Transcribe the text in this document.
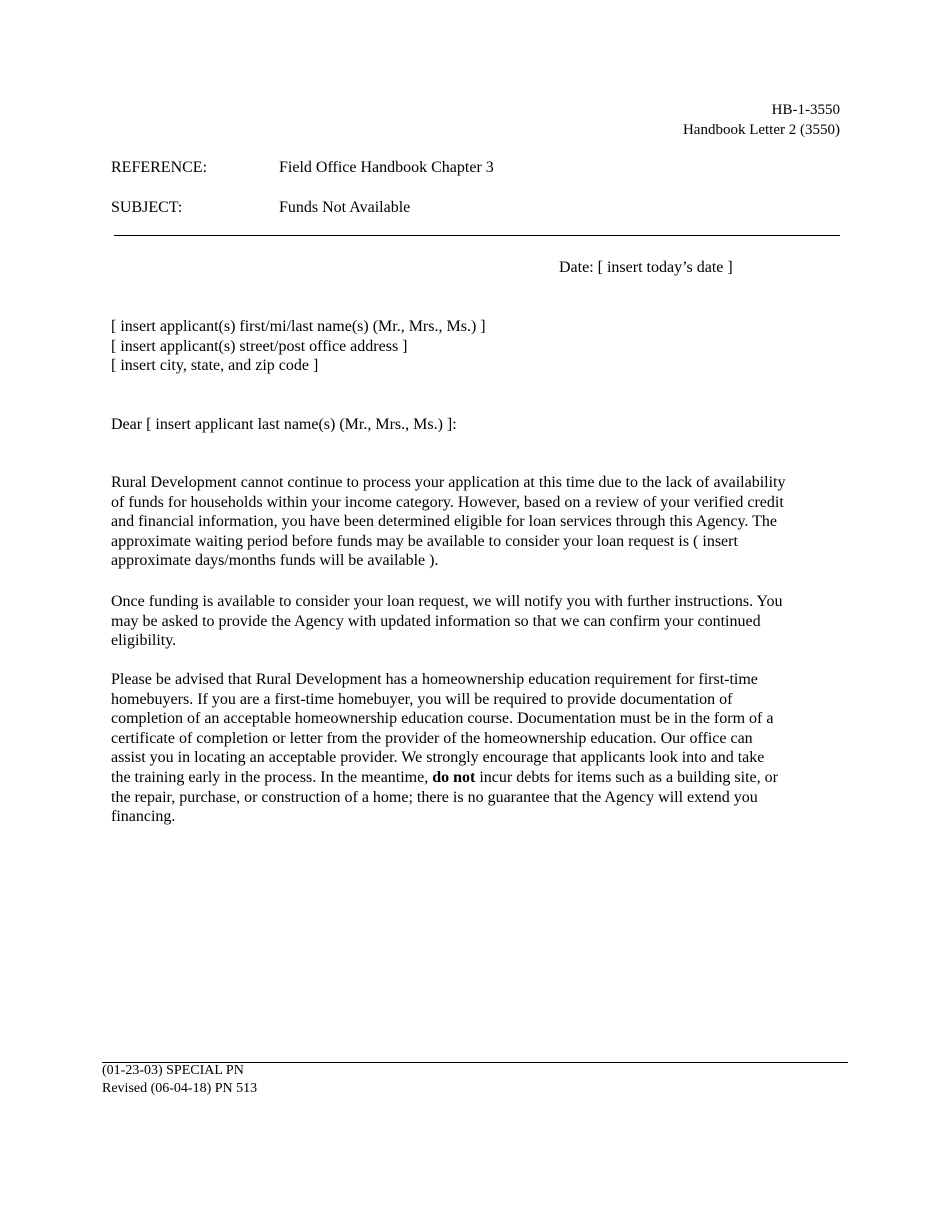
HB-1-3550
Handbook Letter 2 (3550)
REFERENCE:	Field Office Handbook Chapter 3
SUBJECT:	Funds Not Available
Date: [ insert today’s date ]
[ insert applicant(s) first/mi/last name(s) (Mr., Mrs., Ms.) ]
[ insert applicant(s) street/post office address ]
[ insert city, state, and zip code ]
Dear [ insert applicant last name(s) (Mr., Mrs., Ms.) ]:
Rural Development cannot continue to process your application at this time due to the lack of availability
of funds for households within your income category. However, based on a review of your verified credit
and financial information, you have been determined eligible for loan services through this Agency. The
approximate waiting period before funds may be available to consider your loan request is ( insert
approximate days/months funds will be available ).
Once funding is available to consider your loan request, we will notify you with further instructions. You
may be asked to provide the Agency with updated information so that we can confirm your continued
eligibility.
Please be advised that Rural Development has a homeownership education requirement for first-time
homebuyers. If you are a first-time homebuyer, you will be required to provide documentation of
completion of an acceptable homeownership education course. Documentation must be in the form of a
certificate of completion or letter from the provider of the homeownership education. Our office can
assist you in locating an acceptable provider. We strongly encourage that applicants look into and take
the training early in the process. In the meantime, do not incur debts for items such as a building site, or
the repair, purchase, or construction of a home; there is no guarantee that the Agency will extend you
financing.
(01-23-03) SPECIAL PN
Revised (06-04-18) PN 513
